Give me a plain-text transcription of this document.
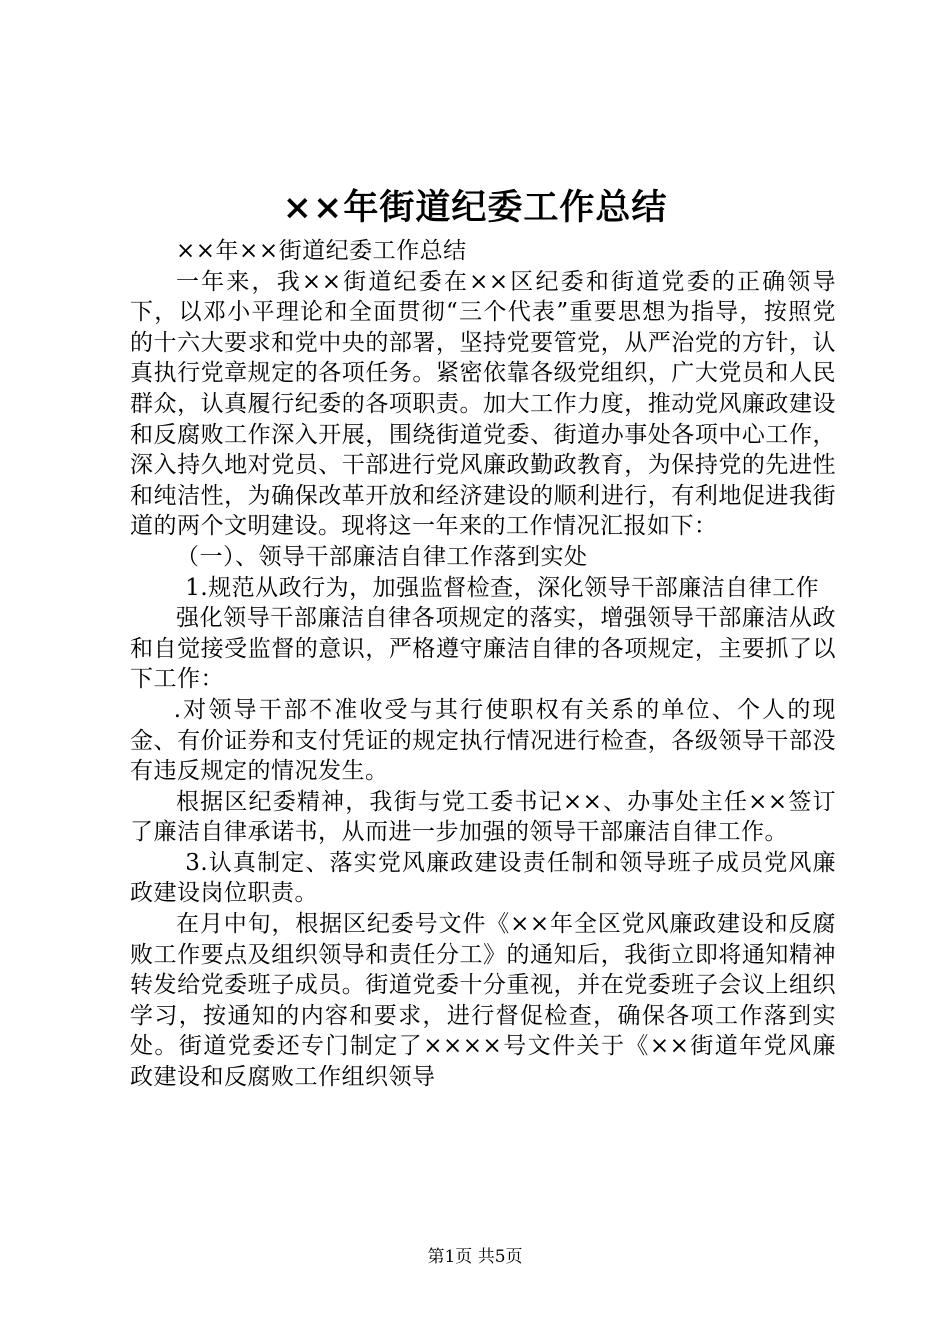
××年街道纪委工作总结

××年××街道纪委工作总结

一年来，我××街道纪委在××区纪委和街道党委的正确领导下，以邓小平理论和全面贯彻“三个代表”重要思想为指导，按照党的十六大要求和党中央的部署，坚持党要管党，从严治党的方针，认真执行党章规定的各项任务。紧密依靠各级党组织，广大党员和人民群众，认真履行纪委的各项职责。加大工作力度，推动党风廉政建设和反腐败工作深入开展，围绕街道党委、街道办事处各项中心工作，深入持久地对党员、干部进行党风廉政勤政教育，为保持党的先进性和纯洁性，为确保改革开放和经济建设的顺利进行，有利地促进我街道的两个文明建设。现将这一年来的工作情况汇报如下：

（一）、领导干部廉洁自律工作落到实处

1.规范从政行为，加强监督检查，深化领导干部廉洁自律工作

强化领导干部廉洁自律各项规定的落实，增强领导干部廉洁从政和自觉接受监督的意识，严格遵守廉洁自律的各项规定，主要抓了以下工作：

.对领导干部不准收受与其行使职权有关系的单位、个人的现金、有价证券和支付凭证的规定执行情况进行检查，各级领导干部没有违反规定的情况发生。

根据区纪委精神，我街与党工委书记××、办事处主任××签订了廉洁自律承诺书，从而进一步加强的领导干部廉洁自律工作。

3.认真制定、落实党风廉政建设责任制和领导班子成员党风廉政建设岗位职责。

在月中旬，根据区纪委号文件《××年全区党风廉政建设和反腐败工作要点及组织领导和责任分工》的通知后，我街立即将通知精神转发给党委班子成员。街道党委十分重视，并在党委班子会议上组织学习，按通知的内容和要求，进行督促检查，确保各项工作落到实处。街道党委还专门制定了××××号文件关于《××街道年党风廉政建设和反腐败工作组织领导

第1页 共5页
